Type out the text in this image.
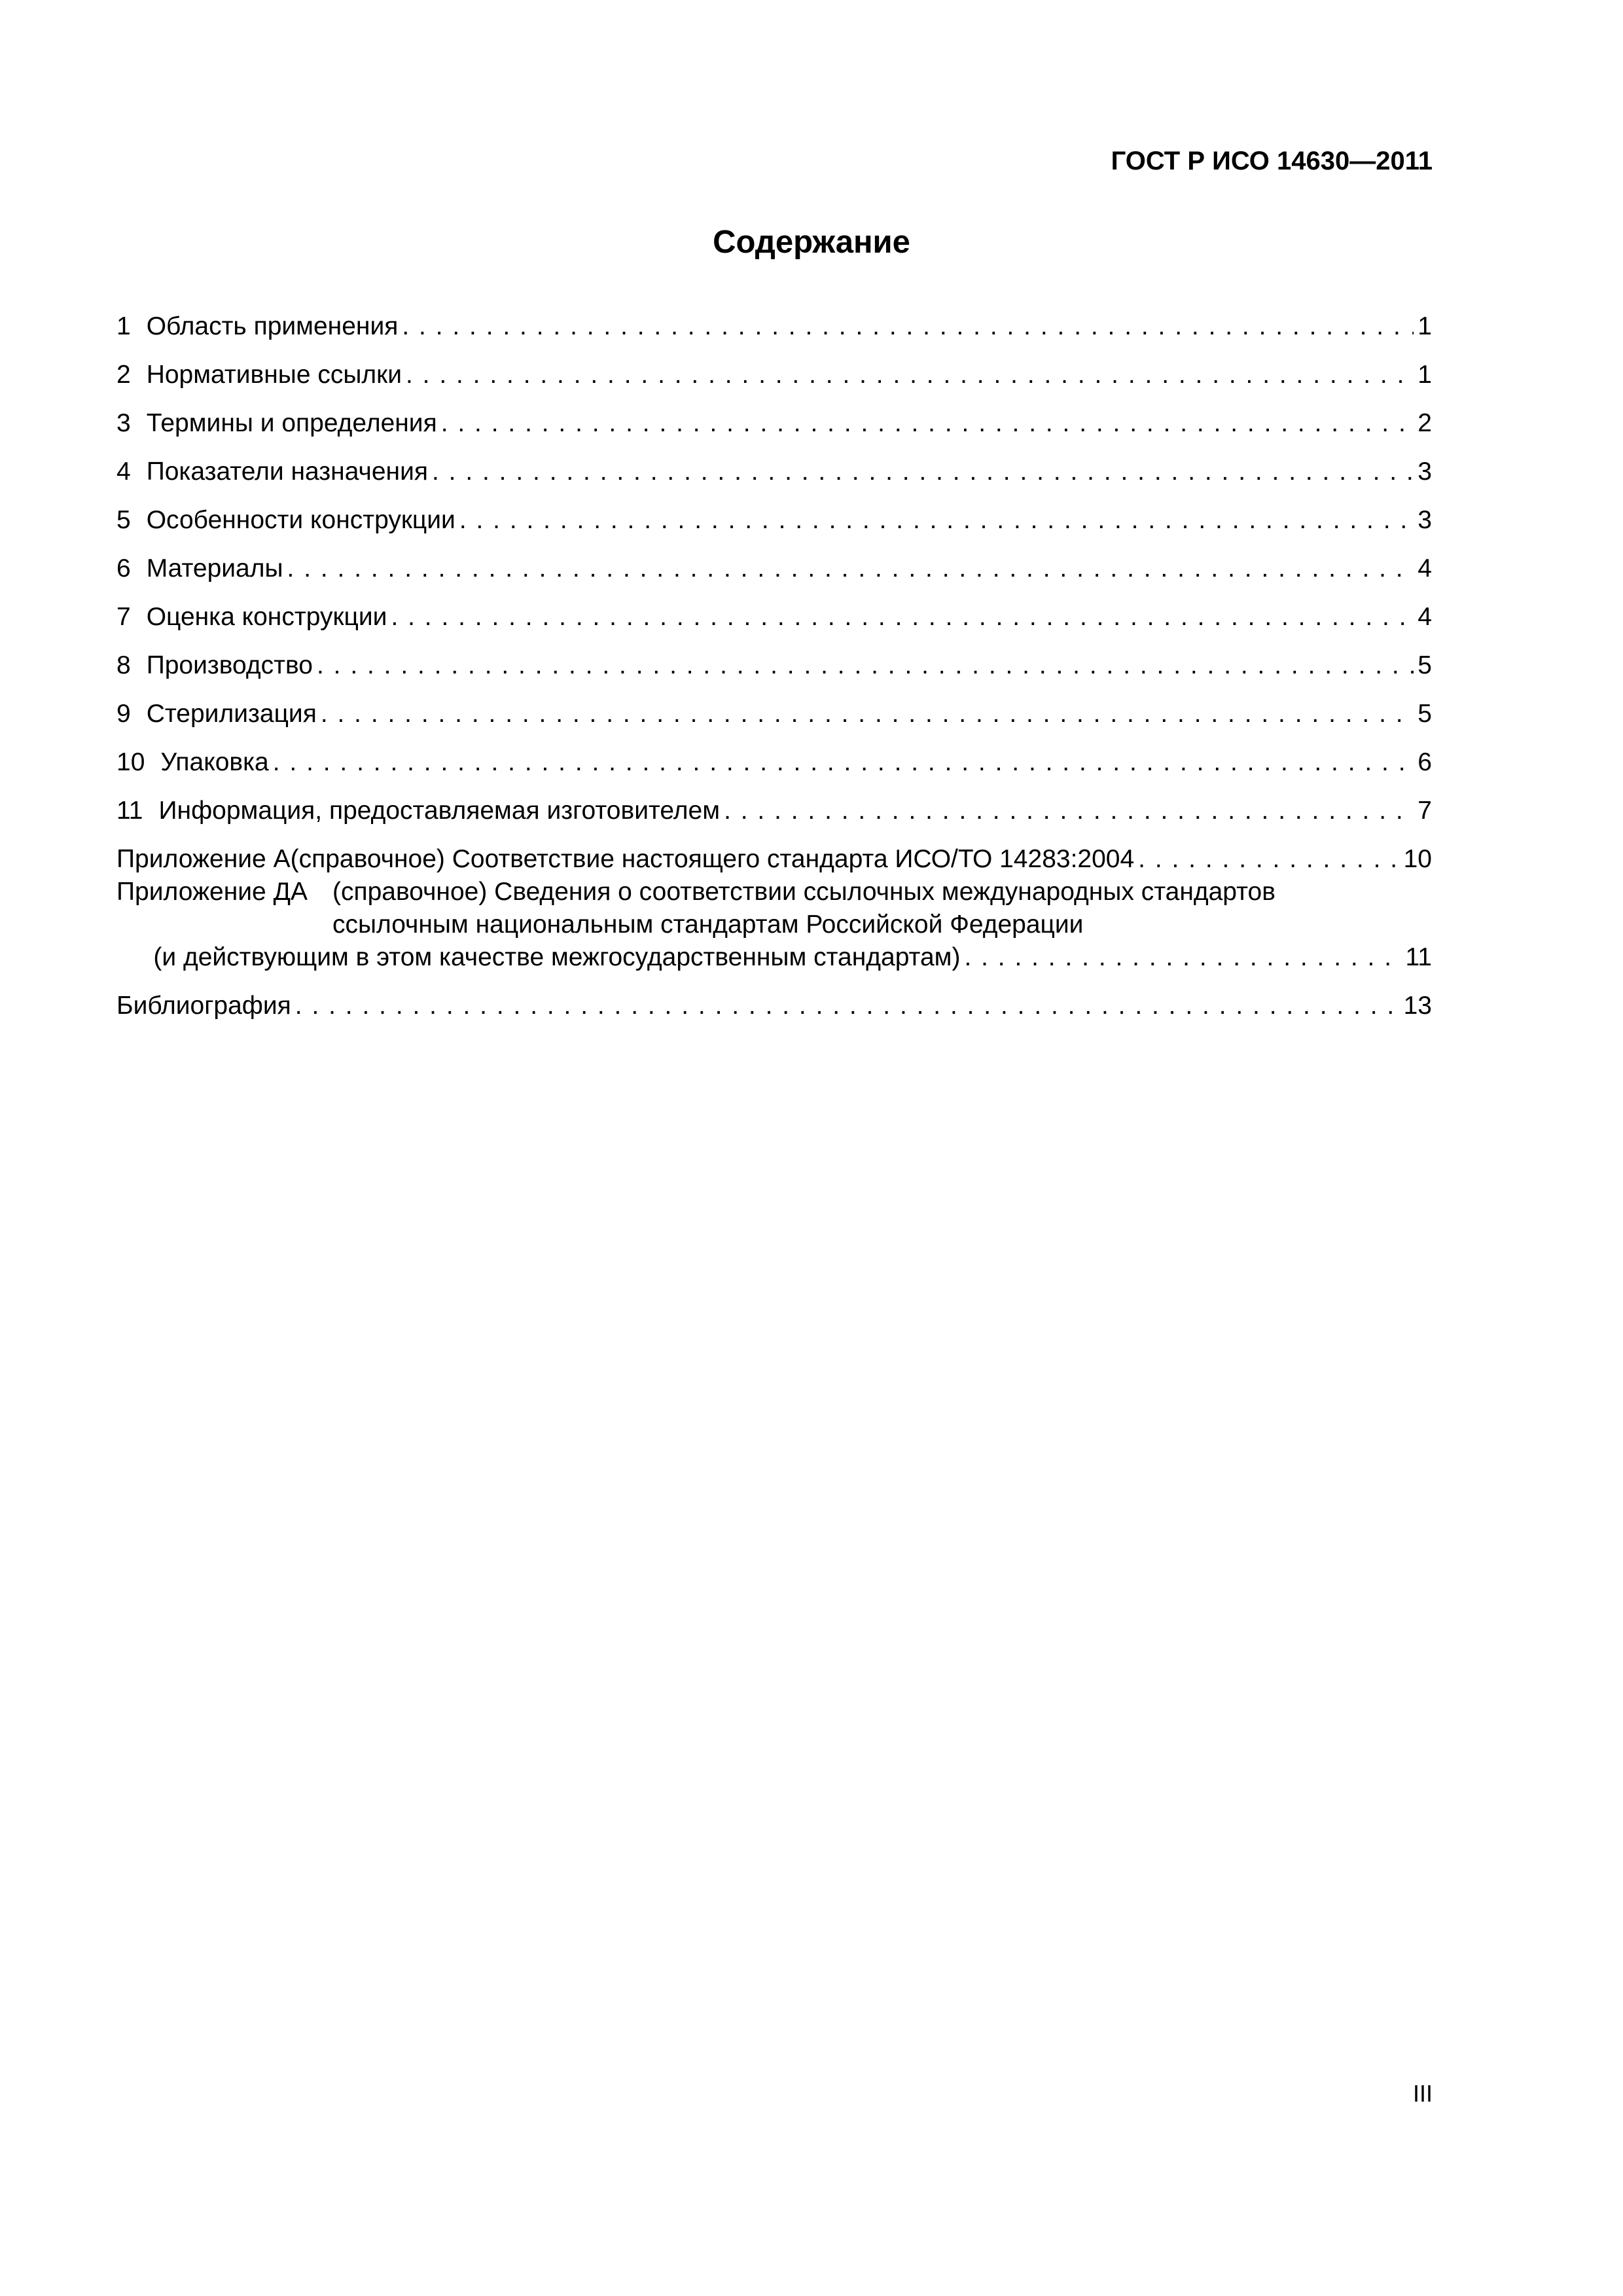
ГОСТ Р ИСО 14630—2011
Содержание
1 Область применения . . .	1
2 Нормативные ссылки . . .	1
3 Термины и определения . . .	2
4 Показатели назначения . . .	3
5 Особенности конструкции . . .	3
6 Материалы . . .	4
7 Оценка конструкции . . .	4
8 Производство . . .	5
9 Стерилизация . . .	5
10 Упаковка . . .	6
11 Информация, предоставляемая изготовителем . . .	7
Приложение А (справочное) Соответствие настоящего стандарта ИСО/ТО 14283:2004 . . .	10
Приложение ДА (справочное) Сведения о соответствии ссылочных международных стандартов
ссылочным национальным стандартам Российской Федерации
(и действующим в этом качестве межгосударственным стандартам) . . .	11
Библиография . . .	13
III
